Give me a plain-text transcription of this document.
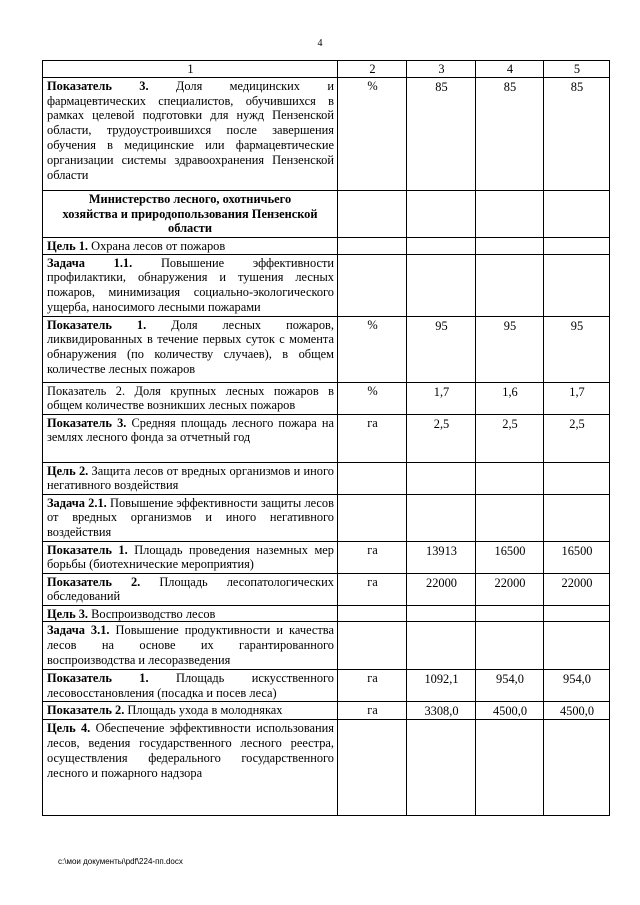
4
1	2	3	4	5
Показатель 3. Доля медицинских и фармацевтических специалистов, обучившихся в рамках целевой подготовки для нужд Пензенской области, трудоустроившихся после завершения обучения в медицинские или фармацевтические организации системы здравоохранения Пензенской области	%	85	85	85
Министерство лесного, охотничьего хозяйства и природопользования Пензенской области				
Цель 1. Охрана лесов от пожаров				
Задача 1.1. Повышение эффективности профилактики, обнаружения и тушения лесных пожаров, минимизация социально-экологического ущерба, наносимого лесными пожарами				
Показатель 1. Доля лесных пожаров, ликвидированных в течение первых суток с момента обнаружения (по количеству случаев), в общем количестве лесных пожаров	%	95	95	95
Показатель 2. Доля крупных лесных пожаров в общем количестве возникших лесных пожаров	%	1,7	1,6	1,7
Показатель 3. Средняя площадь лесного пожара на землях лесного фонда за отчетный год	га	2,5	2,5	2,5
Цель 2. Защита лесов от вредных организмов и иного негативного воздействия				
Задача 2.1. Повышение эффективности защиты лесов от вредных организмов и иного негативного воздействия				
Показатель 1. Площадь проведения наземных мер борьбы (биотехнические мероприятия)	га	13913	16500	16500
Показатель 2. Площадь лесопатологических обследований	га	22000	22000	22000
Цель 3. Воспроизводство лесов				
Задача 3.1. Повышение продуктивности и качества лесов на основе их гарантированного воспроизводства и лесоразведения				
Показатель 1. Площадь искусственного лесовосстановления (посадка и посев леса)	га	1092,1	954,0	954,0
Показатель 2. Площадь ухода в молодняках	га	3308,0	4500,0	4500,0
Цель 4. Обеспечение эффективности использования лесов, ведения государственного лесного реестра, осуществления федерального государственного лесного и пожарного надзора				
c:\мои документы\pdf\224-пп.docx
